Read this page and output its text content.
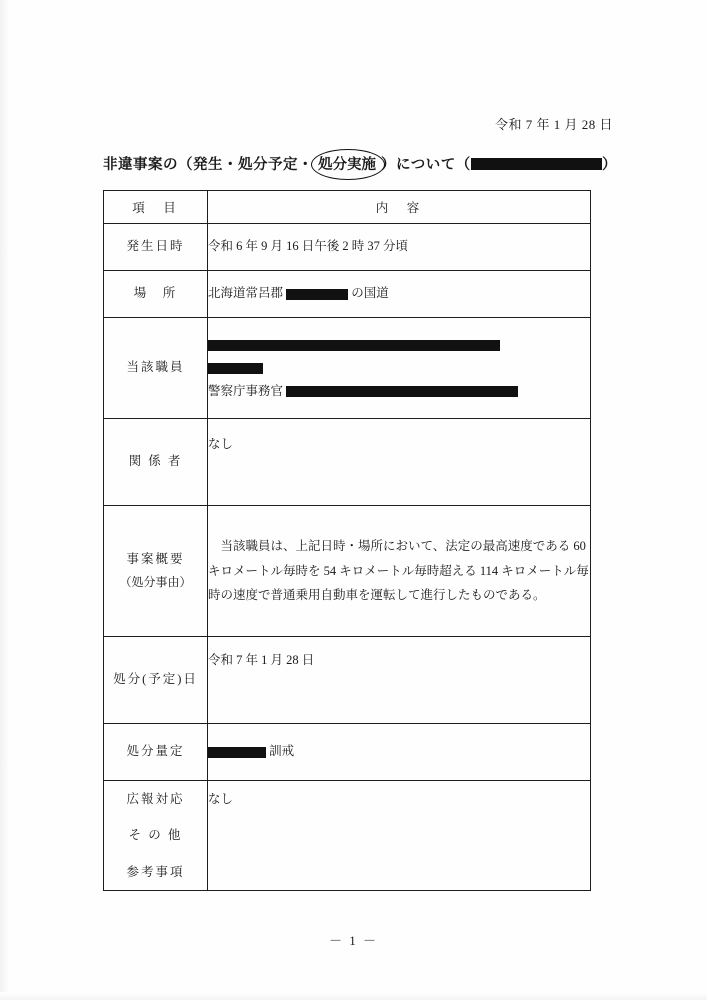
令和 7 年 1 月 28 日
非違事案の（発生・処分予定・ 処分実施 ）について（	）
項　目	内　容
発生日時	令和 6 年 9 月 16 日午後 2 時 37 分頃
場　所	北海道常呂郡 の国道
当該職員	警察庁事務官

関 係 者	なし
事案概要
（処分事由）	当該職員は、上記日時・場所において、法定の最高速度である 60 キロメートル毎時を 54 キロメートル毎時超える 114 キロメートル毎時の速度で普通乗用自動車を運転して進行したものである。
処分(予定)日	令和 7 年 1 月 28 日
処分量定	訓戒

広報対応
そ の 他
参考事項	なし

－ 1 －
